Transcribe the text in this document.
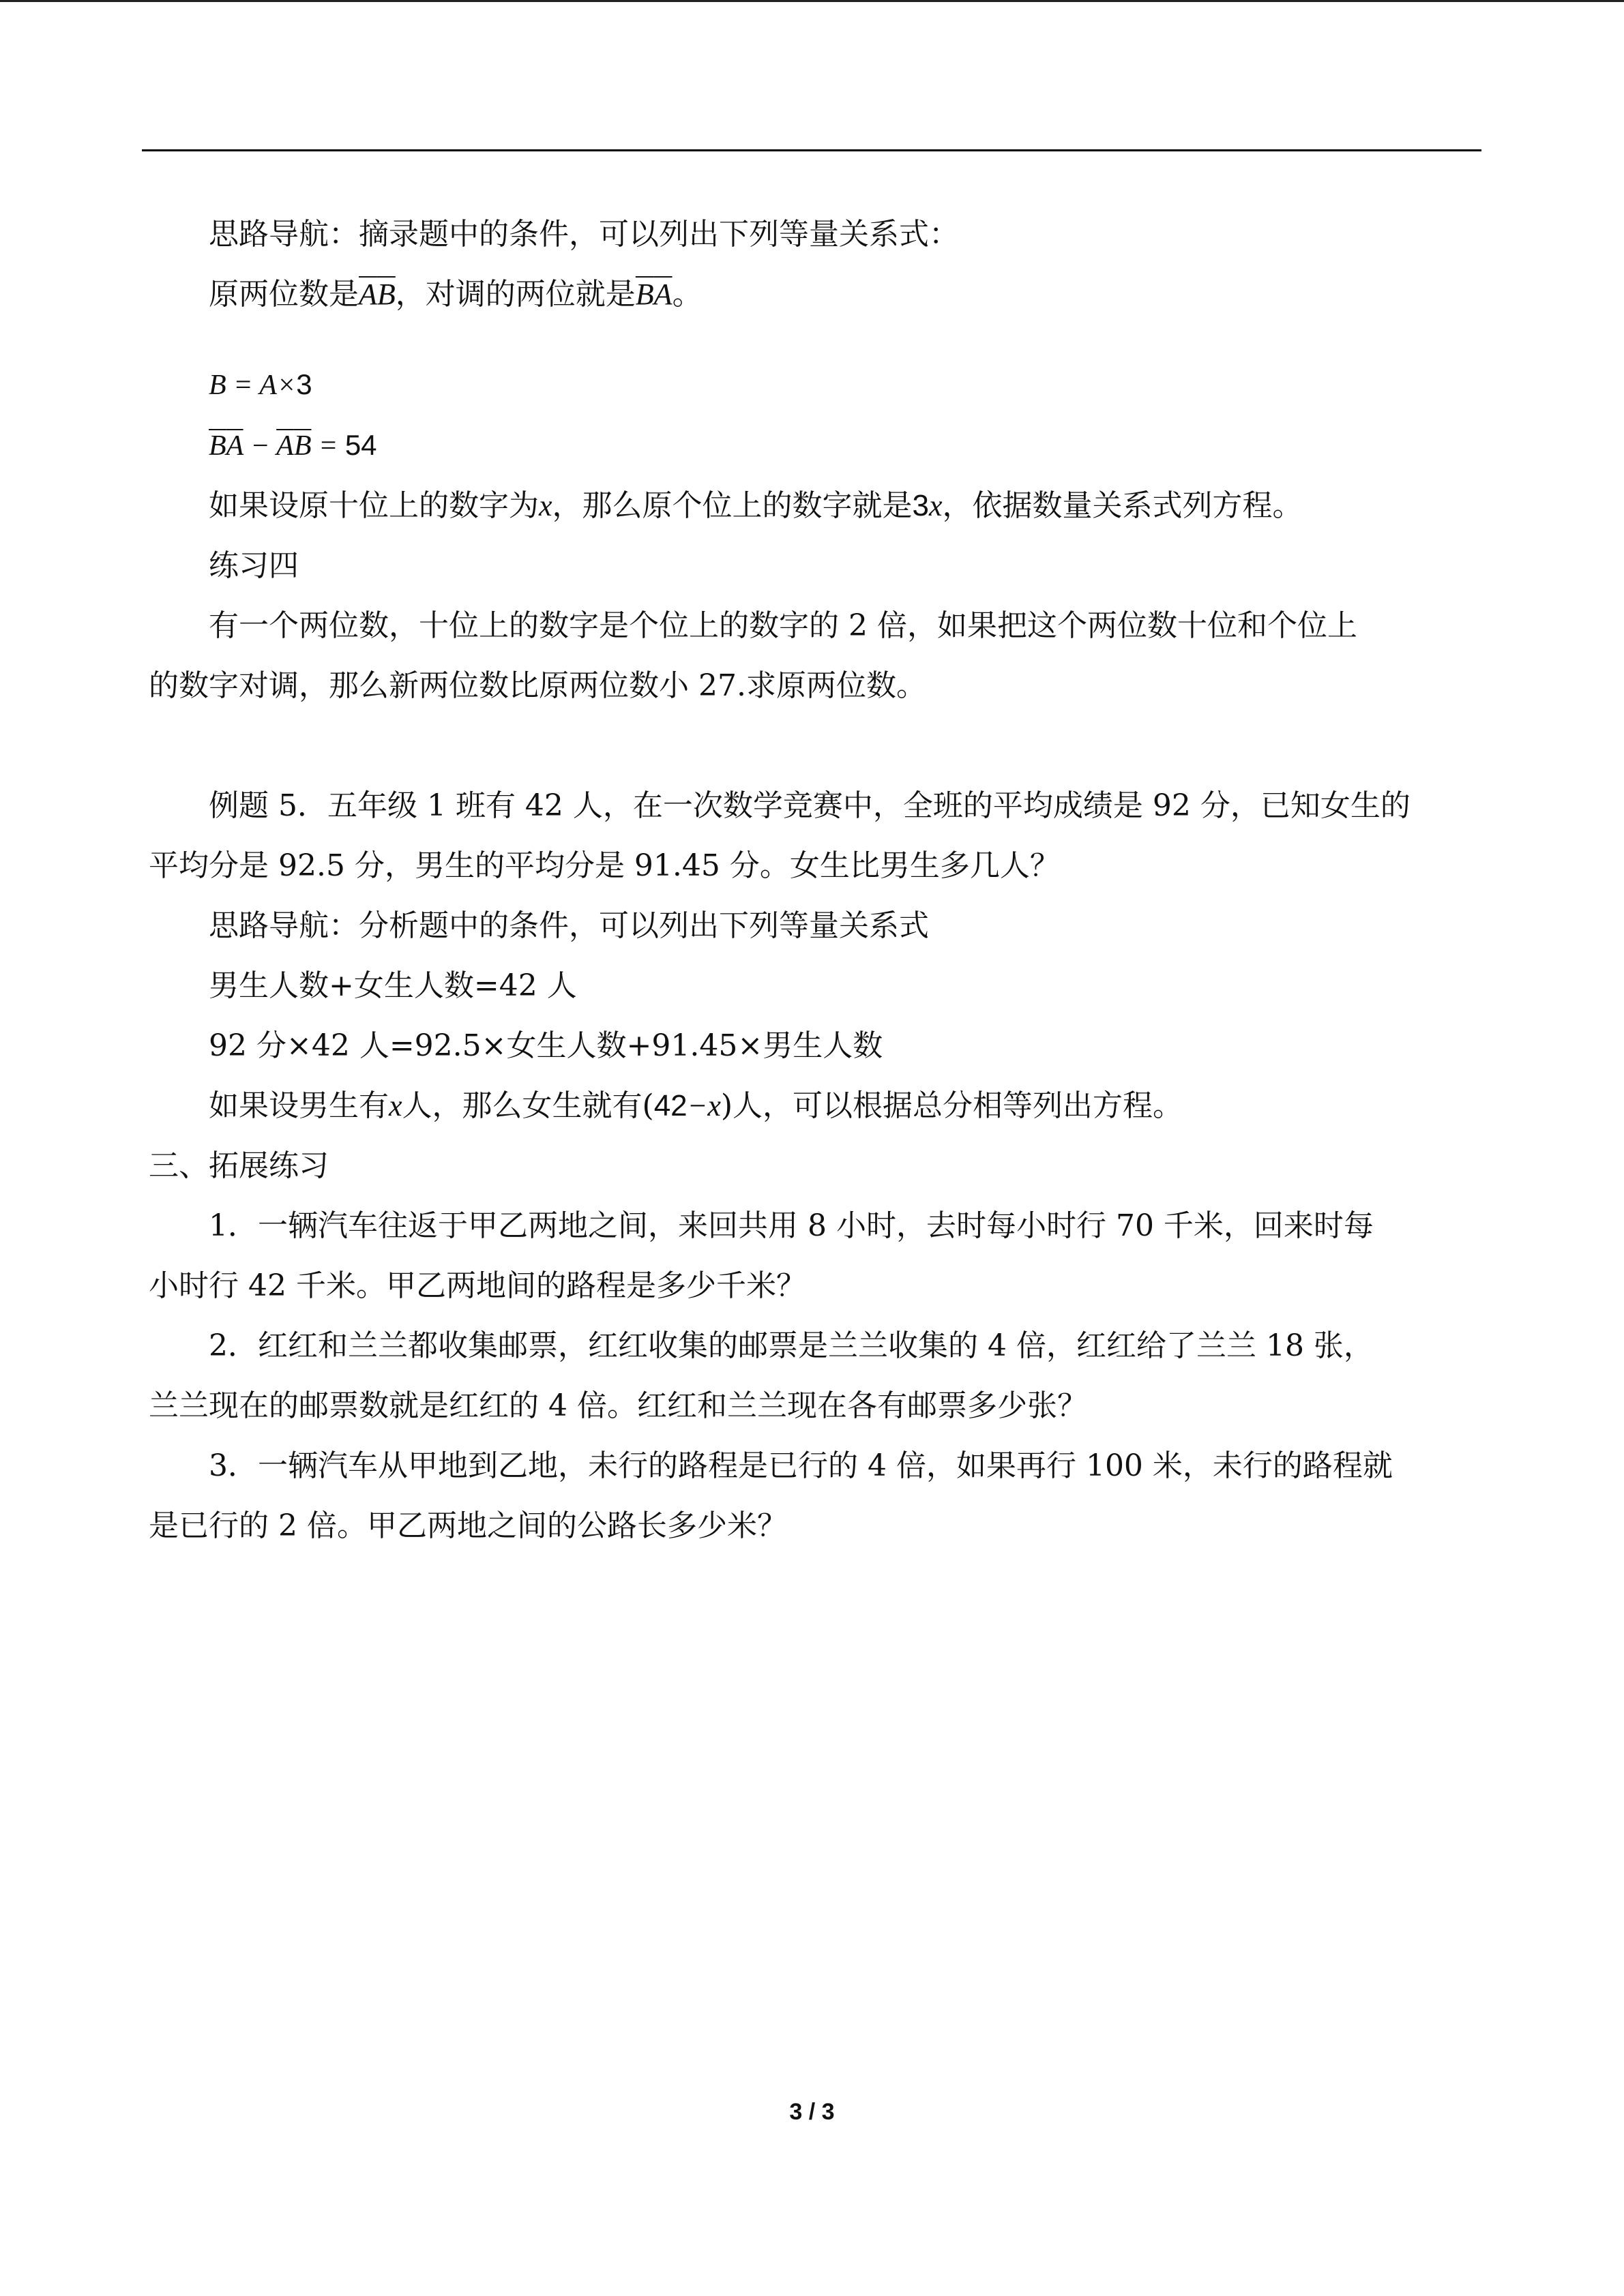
思路导航：摘录题中的条件，可以列出下列等量关系式：

原两位数是AB，对调的两位就是BA。

B = A×3

BA − AB = 54

如果设原十位上的数字为x，那么原个位上的数字就是3x，依据数量关系式列方程。

练习四

有一个两位数，十位上的数字是个位上的数字的 2 倍，如果把这个两位数十位和个位上

的数字对调，那么新两位数比原两位数小 27.求原两位数。

例题 5．五年级 1 班有 42 人，在一次数学竞赛中，全班的平均成绩是 92 分，已知女生的

平均分是 92.5 分，男生的平均分是 91.45 分。女生比男生多几人？

思路导航：分析题中的条件，可以列出下列等量关系式

男生人数+女生人数=42 人

92 分×42 人=92.5×女生人数+91.45×男生人数

如果设男生有x人，那么女生就有(42−x)人，可以根据总分相等列出方程。

三、拓展练习

1．一辆汽车往返于甲乙两地之间，来回共用 8 小时，去时每小时行 70 千米，回来时每

小时行 42 千米。甲乙两地间的路程是多少千米？

2．红红和兰兰都收集邮票，红红收集的邮票是兰兰收集的 4 倍，红红给了兰兰 18 张，

兰兰现在的邮票数就是红红的 4 倍。红红和兰兰现在各有邮票多少张？

3．一辆汽车从甲地到乙地，未行的路程是已行的 4 倍，如果再行 100 米，未行的路程就

是已行的 2 倍。甲乙两地之间的公路长多少米？

3 / 3
